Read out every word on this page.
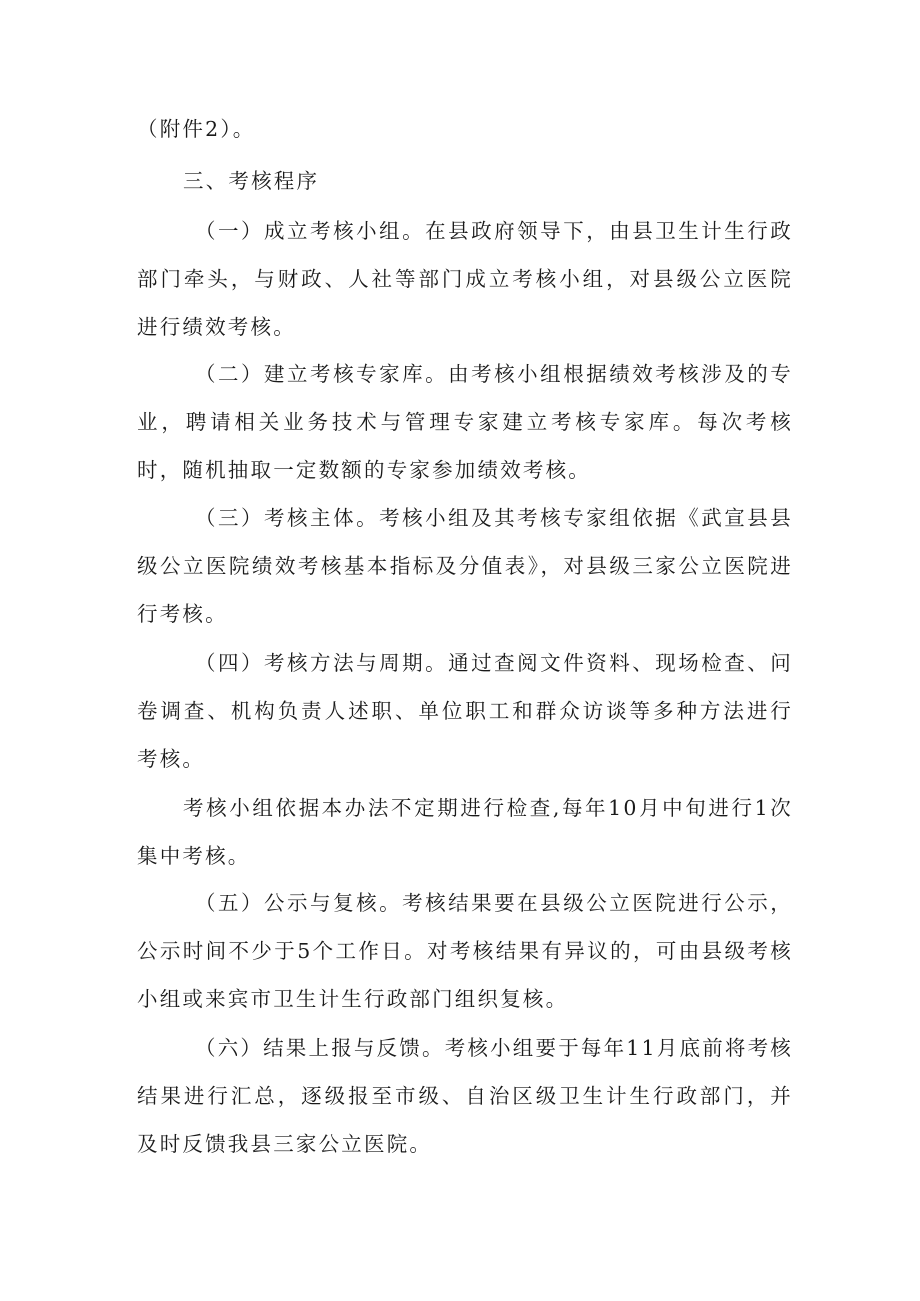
（附件2）。

三、考核程序

（一）成立考核小组。在县政府领导下，由县卫生计生行政部门牵头，与财政、人社等部门成立考核小组，对县级公立医院进行绩效考核。

（二）建立考核专家库。由考核小组根据绩效考核涉及的专业，聘请相关业务技术与管理专家建立考核专家库。每次考核时，随机抽取一定数额的专家参加绩效考核。

（三）考核主体。考核小组及其考核专家组依据《武宣县县级公立医院绩效考核基本指标及分值表》，对县级三家公立医院进行考核。

（四）考核方法与周期。通过查阅文件资料、现场检查、问卷调查、机构负责人述职、单位职工和群众访谈等多种方法进行考核。

考核小组依据本办法不定期进行检查,每年10月中旬进行1次集中考核。

（五）公示与复核。考核结果要在县级公立医院进行公示，公示时间不少于5个工作日。对考核结果有异议的，可由县级考核小组或来宾市卫生计生行政部门组织复核。

（六）结果上报与反馈。考核小组要于每年11月底前将考核结果进行汇总，逐级报至市级、自治区级卫生计生行政部门，并及时反馈我县三家公立医院。
